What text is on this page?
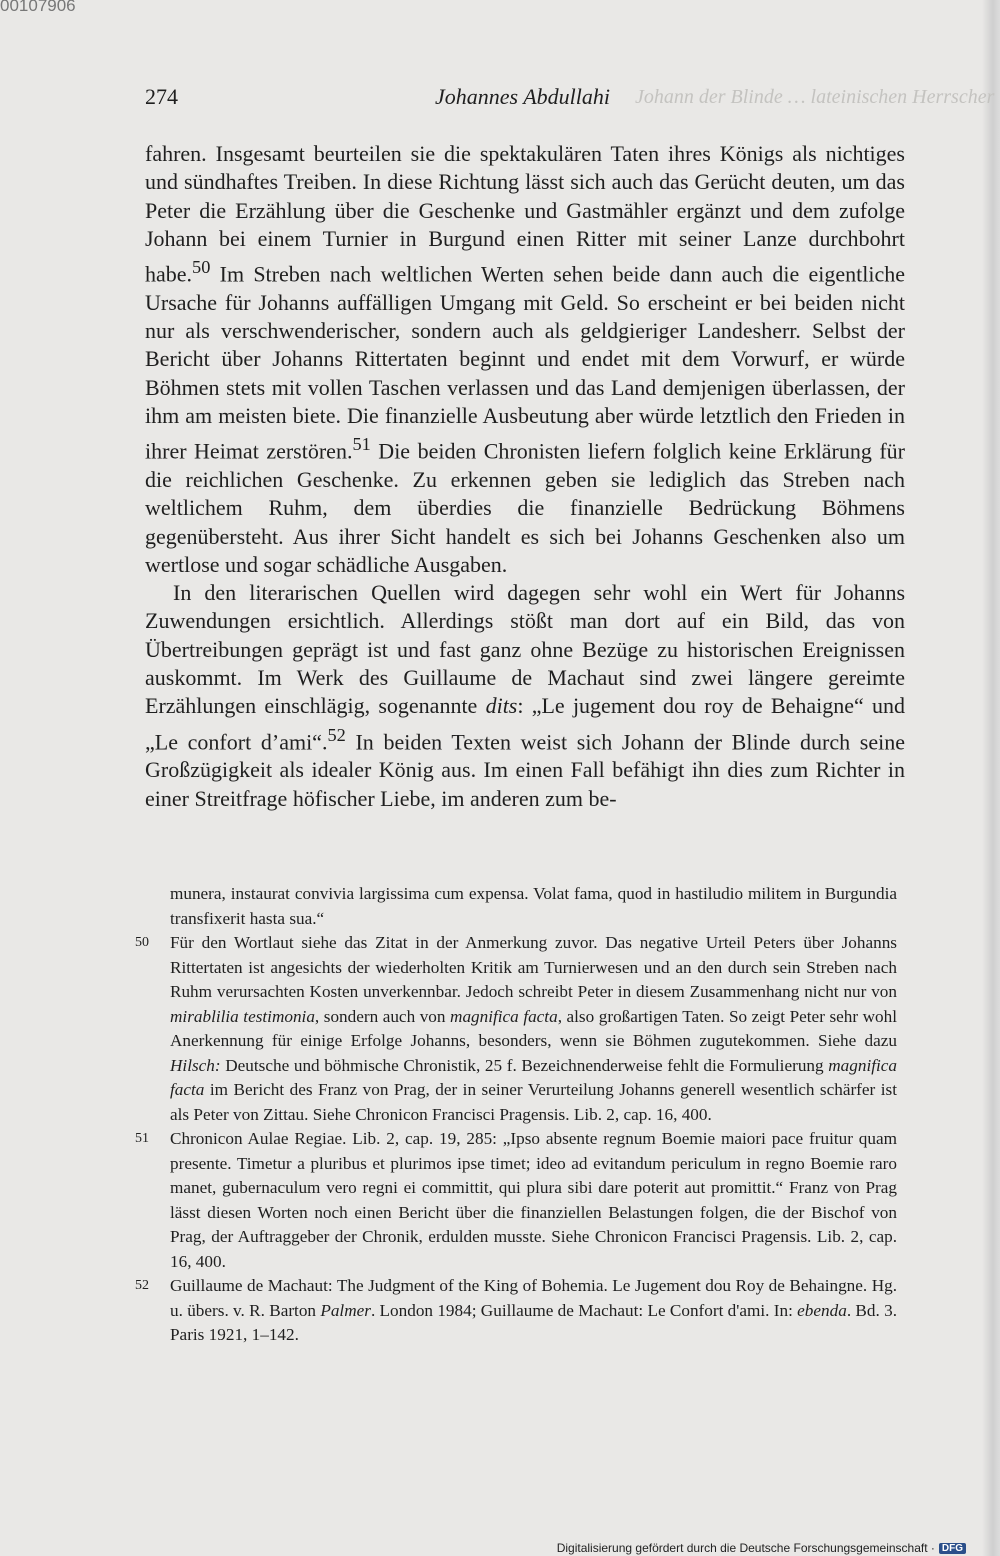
00107906
Johann der Blinde … lateinischen Herrscher
274	Johannes Abdullahi

fahren. Insgesamt beurteilen sie die spektakulären Taten ihres Königs als nichtiges und sündhaftes Treiben. In diese Richtung lässt sich auch das Gerücht deuten, um das Peter die Erzählung über die Geschenke und Gastmähler ergänzt und dem zufolge Johann bei einem Turnier in Burgund einen Ritter mit seiner Lanze durchbohrt habe.$^{50}$ Im Streben nach weltlichen Werten sehen beide dann auch die eigentliche Ursache für Johanns auffälligen Umgang mit Geld. So erscheint er bei beiden nicht nur als verschwenderischer, sondern auch als geldgieriger Landesherr. Selbst der Bericht über Johanns Rittertaten beginnt und endet mit dem Vorwurf, er würde Böhmen stets mit vollen Taschen verlassen und das Land demjenigen überlassen, der ihm am meisten biete. Die finanzielle Ausbeutung aber würde letztlich den Frieden in ihrer Heimat zerstören.$^{51}$ Die beiden Chronisten liefern folglich keine Erklärung für die reichlichen Geschenke. Zu erkennen geben sie lediglich das Streben nach weltlichem Ruhm, dem überdies die finanzielle Bedrückung Böhmens gegenübersteht. Aus ihrer Sicht handelt es sich bei Johanns Geschenken also um wertlose und sogar schädliche Ausgaben.

In den literarischen Quellen wird dagegen sehr wohl ein Wert für Johanns Zuwendungen ersichtlich. Allerdings stößt man dort auf ein Bild, das von Übertreibungen geprägt ist und fast ganz ohne Bezüge zu historischen Ereignissen auskommt. Im Werk des Guillaume de Machaut sind zwei längere gereimte Erzählungen einschlägig, sogenannte dits: „Le jugement dou roy de Behaigne“ und „Le confort d’ami“.$^{52}$ In beiden Texten weist sich Johann der Blinde durch seine Großzügigkeit als idealer König aus. Im einen Fall befähigt ihn dies zum Richter in einer Streitfrage höfischer Liebe, im anderen zum be-

munera, instaurat convivia largissima cum expensa. Volat fama, quod in hastiludio militem in Burgundia transfixerit hasta sua.“

50 Für den Wortlaut siehe das Zitat in der Anmerkung zuvor. Das negative Urteil Peters über Johanns Rittertaten ist angesichts der wiederholten Kritik am Turnierwesen und an den durch sein Streben nach Ruhm verursachten Kosten unverkennbar. Jedoch schreibt Peter in diesem Zusammenhang nicht nur von mirablilia testimonia, sondern auch von magnifica facta, also großartigen Taten. So zeigt Peter sehr wohl Anerkennung für einige Erfolge Johanns, besonders, wenn sie Böhmen zugutekommen. Siehe dazu Hilsch: Deutsche und böhmische Chronistik, 25 f. Bezeichnenderweise fehlt die Formulierung magnifica facta im Bericht des Franz von Prag, der in seiner Verurteilung Johanns generell wesentlich schärfer ist als Peter von Zittau. Siehe Chronicon Francisci Pragensis. Lib. 2, cap. 16, 400.

51 Chronicon Aulae Regiae. Lib. 2, cap. 19, 285: „Ipso absente regnum Boemie maiori pace fruitur quam presente. Timetur a pluribus et plurimos ipse timet; ideo ad evitandum periculum in regno Boemie raro manet, gubernaculum vero regni ei committit, qui plura sibi dare poterit aut promittit.“ Franz von Prag lässt diesen Worten noch einen Bericht über die finanziellen Belastungen folgen, die der Bischof von Prag, der Auftraggeber der Chronik, erdulden musste. Siehe Chronicon Francisci Pragensis. Lib. 2, cap. 16, 400.

52 Guillaume de Machaut: The Judgment of the King of Bohemia. Le Jugement dou Roy de Behaingne. Hg. u. übers. v. R. Barton Palmer. London 1984; Guillaume de Machaut: Le Confort d'ami. In: ebenda. Bd. 3. Paris 1921, 1–142.

Digitalisierung gefördert durch die Deutsche Forschungsgemeinschaft · DFG
